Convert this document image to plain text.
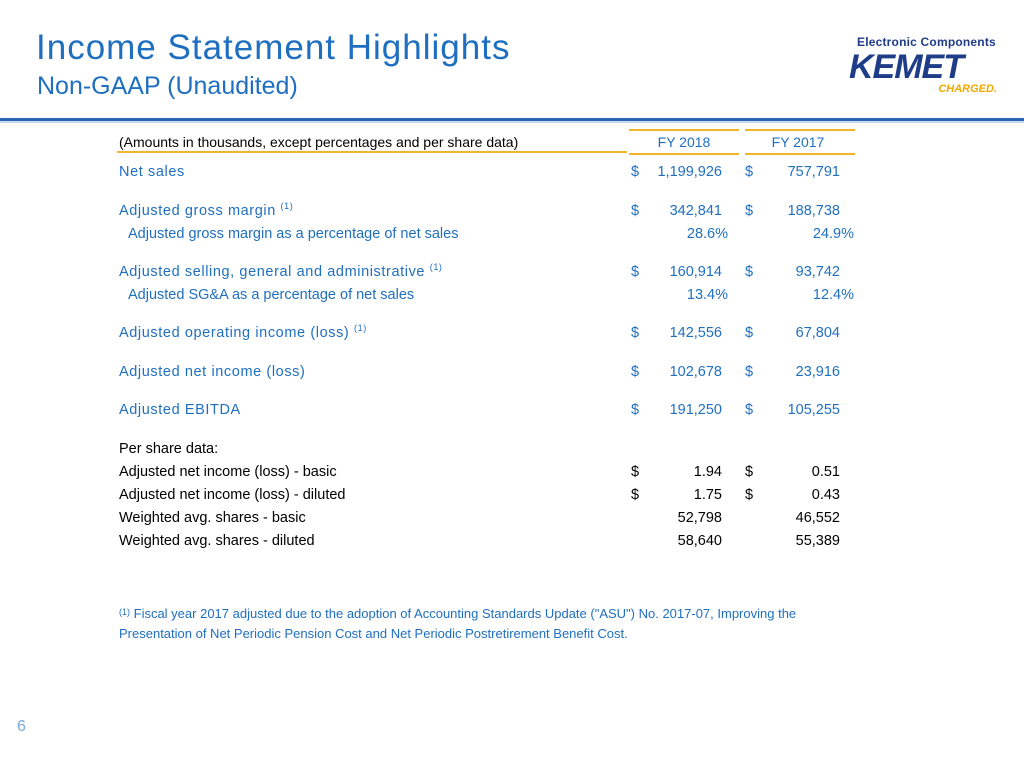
Income Statement Highlights
Non-GAAP (Unaudited)
Electronic Components
KEMET
CHARGED.
(Amounts in thousands, except percentages and per share data)	FY 2018	FY 2017
Net sales	$ 1,199,926 $ 757,791
Adjusted gross margin $^{(1)}$	$ 342,841 $ 188,738
Adjusted gross margin as a percentage of net sales	28.6%	24.9%
Adjusted selling, general and administrative $^{(1)}$	$ 160,914 $	93,742
Adjusted SG&A as a percentage of net sales	13.4%	12.4%
Adjusted operating income (loss) $^{(1)}$	$ 142,556 $	67,804
Adjusted net income (loss)	$ 102,678 $	23,916
Adjusted EBITDA	$ 191,250 $ 105,255
Per share data:
Adjusted net income (loss) - basic	$	1.94 $	0.51
Adjusted net income (loss) - diluted	$	1.75 $	0.43
Weighted avg. shares - basic	52,798	46,552
Weighted avg. shares - diluted	58,640	55,389
$^{(1)}$ Fiscal year 2017 adjusted due to the adoption of Accounting Standards Update ("ASU") No. 2017-07, Improving the Presentation of Net Periodic Pension Cost and Net Periodic Postretirement Benefit Cost.
6
